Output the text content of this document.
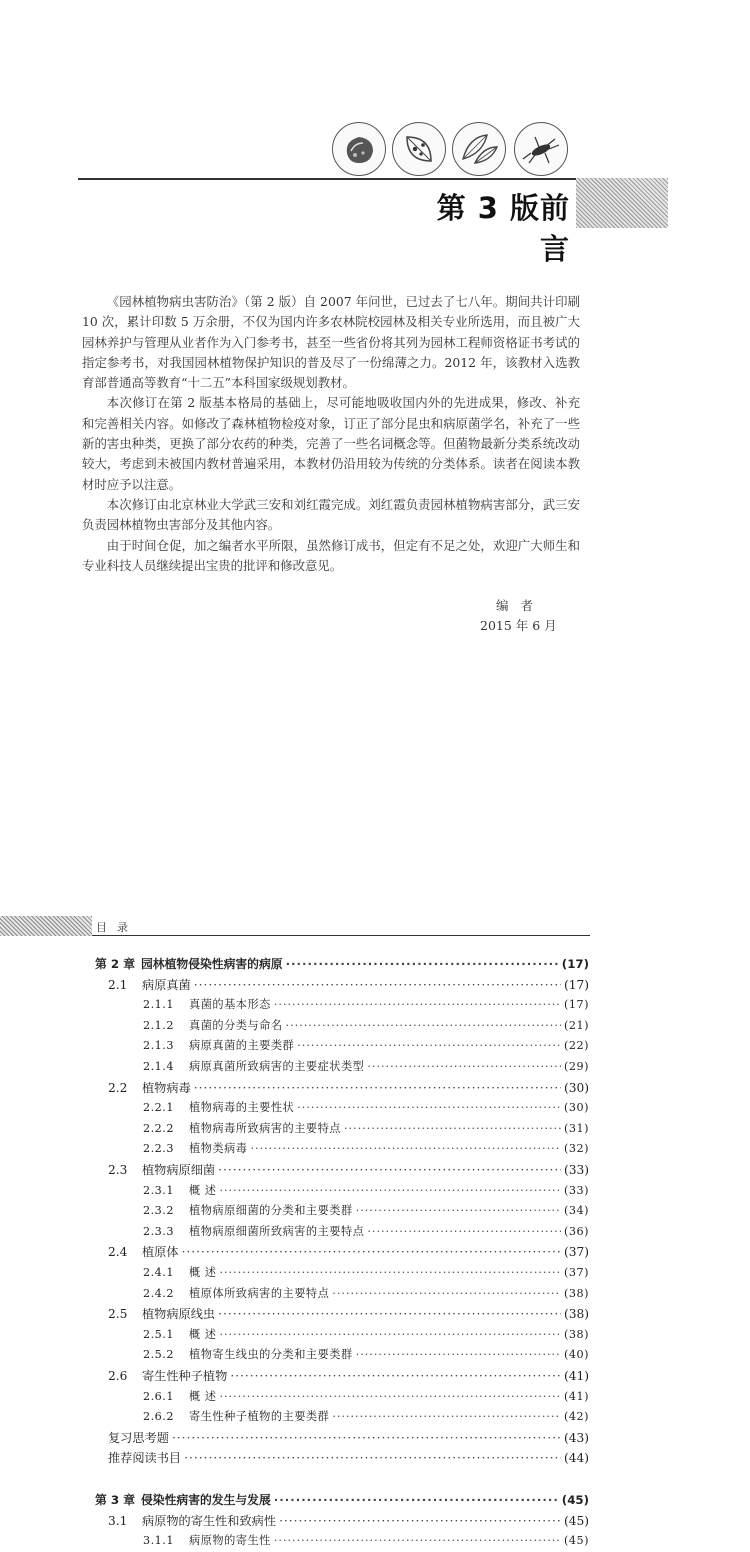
第 3 版前言

《园林植物病虫害防治》（第 2 版）自 2007 年问世，已过去了七八年。期间共计印刷 10 次，累计印数 5 万余册，不仅为国内许多农林院校园林及相关专业所选用，而且被广大园林养护与管理从业者作为入门参考书，甚至一些省份将其列为园林工程师资格证书考试的指定参考书，对我国园林植物保护知识的普及尽了一份绵薄之力。2012 年，该教材入选教育部普通高等教育“十二五”本科国家级规划教材。

本次修订在第 2 版基本格局的基础上，尽可能地吸收国内外的先进成果，修改、补充和完善相关内容。如修改了森林植物检疫对象，订正了部分昆虫和病原菌学名，补充了一些新的害虫种类，更换了部分农药的种类，完善了一些名词概念等。但菌物最新分类系统改动较大，考虑到未被国内教材普遍采用，本教材仍沿用较为传统的分类体系。读者在阅读本教材时应予以注意。

本次修订由北京林业大学武三安和刘红霞完成。刘红霞负责园林植物病害部分，武三安负责园林植物虫害部分及其他内容。

由于时间仓促，加之编者水平所限，虽然修订成书，但定有不足之处，欢迎广大师生和专业科技人员继续提出宝贵的批评和修改意见。

编者
2015 年 6 月
目录
第 2 章 园林植物侵染性病害的病原 ·····	(17)
2.1	病原真菌 ·····	(17)
2.1.1	真菌的基本形态 ·····	(17)
2.1.2	真菌的分类与命名 ·····	(21)
2.1.3	病原真菌的主要类群 ·····	(22)
2.1.4	病原真菌所致病害的主要症状类型 ·····	(29)
2.2	植物病毒 ·····	(30)
2.2.1	植物病毒的主要性状 ·····	(30)
2.2.2	植物病毒所致病害的主要特点 ·····	(31)
2.2.3	植物类病毒 ·····	(32)
2.3	植物病原细菌 ·····	(33)
2.3.1	概 述 ·····	(33)
2.3.2	植物病原细菌的分类和主要类群 ·····	(34)
2.3.3	植物病原细菌所致病害的主要特点 ·····	(36)
2.4	植原体 ·····	(37)
2.4.1	概 述 ·····	(37)
2.4.2	植原体所致病害的主要特点 ·····	(38)
2.5	植物病原线虫 ·····	(38)
2.5.1	概 述 ·····	(38)
2.5.2	植物寄生线虫的分类和主要类群 ·····	(40)
2.6	寄生性种子植物 ·····	(41)
2.6.1	概 述 ·····	(41)
2.6.2	寄生性种子植物的主要类群 ·····	(42)
复习思考题 ·····	(43)
推荐阅读书目 ·····	(44)
第 3 章 侵染性病害的发生与发展 ·····	(45)
3.1	病原物的寄生性和致病性 ·····	(45)
3.1.1	病原物的寄生性 ·····	(45)
